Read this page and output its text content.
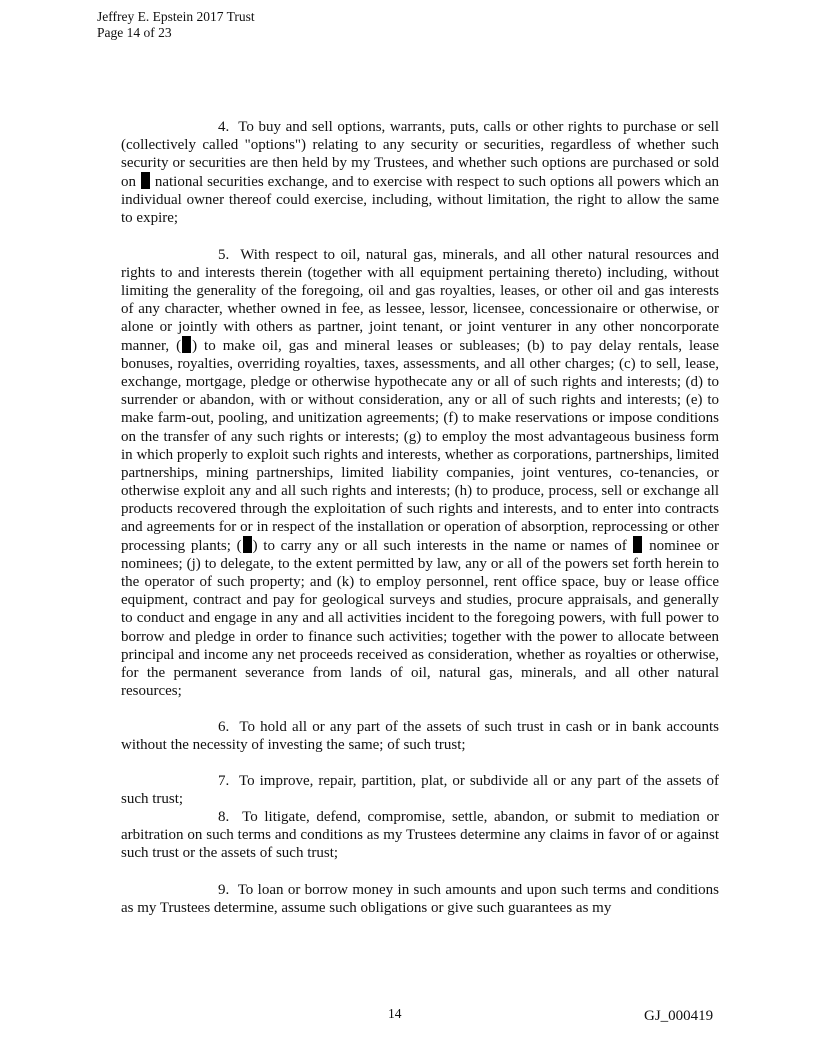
Jeffrey E. Epstein 2017 Trust
Page 14 of 23

4. To buy and sell options, warrants, puts, calls or other rights to purchase or sell (collectively called "options") relating to any security or securities, regardless of whether such security or securities are then held by my Trustees, and whether such options are purchased or sold on national securities exchange, and to exercise with respect to such options all powers which an individual owner thereof could exercise, including, without limitation, the right to allow the same to expire;

5. With respect to oil, natural gas, minerals, and all other natural resources and rights to and interests therein (together with all equipment pertaining thereto) including, without limiting the generality of the foregoing, oil and gas royalties, leases, or other oil and gas interests of any character, whether owned in fee, as lessee, lessor, licensee, concessionaire or otherwise, or alone or jointly with others as partner, joint tenant, or joint venturer in any other noncorporate manner, ( ) to make oil, gas and mineral leases or subleases; (b) to pay delay rentals, lease bonuses, royalties, overriding royalties, taxes, assessments, and all other charges; (c) to sell, lease, exchange, mortgage, pledge or otherwise hypothecate any or all of such rights and interests; (d) to surrender or abandon, with or without consideration, any or all of such rights and interests; (e) to make farm-out, pooling, and unitization agreements; (f) to make reservations or impose conditions on the transfer of any such rights or interests; (g) to employ the most advantageous business form in which properly to exploit such rights and interests, whether as corporations, partnerships, limited partnerships, mining partnerships, limited liability companies, joint ventures, co-tenancies, or otherwise exploit any and all such rights and interests; (h) to produce, process, sell or exchange all products recovered through the exploitation of such rights and interests, and to enter into contracts and agreements for or in respect of the installation or operation of absorption, reprocessing or other processing plants; ( ) to carry any or all such interests in the name or names of nominee or nominees; (j) to delegate, to the extent permitted by law, any or all of the powers set forth herein to the operator of such property; and (k) to employ personnel, rent office space, buy or lease office equipment, contract and pay for geological surveys and studies, procure appraisals, and generally to conduct and engage in any and all activities incident to the foregoing powers, with full power to borrow and pledge in order to finance such activities; together with the power to allocate between principal and income any net proceeds received as consideration, whether as royalties or otherwise, for the permanent severance from lands of oil, natural gas, minerals, and all other natural resources;

6. To hold all or any part of the assets of such trust in cash or in bank accounts without the necessity of investing the same; of such trust;

7. To improve, repair, partition, plat, or subdivide all or any part of the assets of such trust;

8. To litigate, defend, compromise, settle, abandon, or submit to mediation or arbitration on such terms and conditions as my Trustees determine any claims in favor of or against such trust or the assets of such trust;

9. To loan or borrow money in such amounts and upon such terms and conditions as my Trustees determine, assume such obligations or give such guarantees as my

14	GJ_000419
